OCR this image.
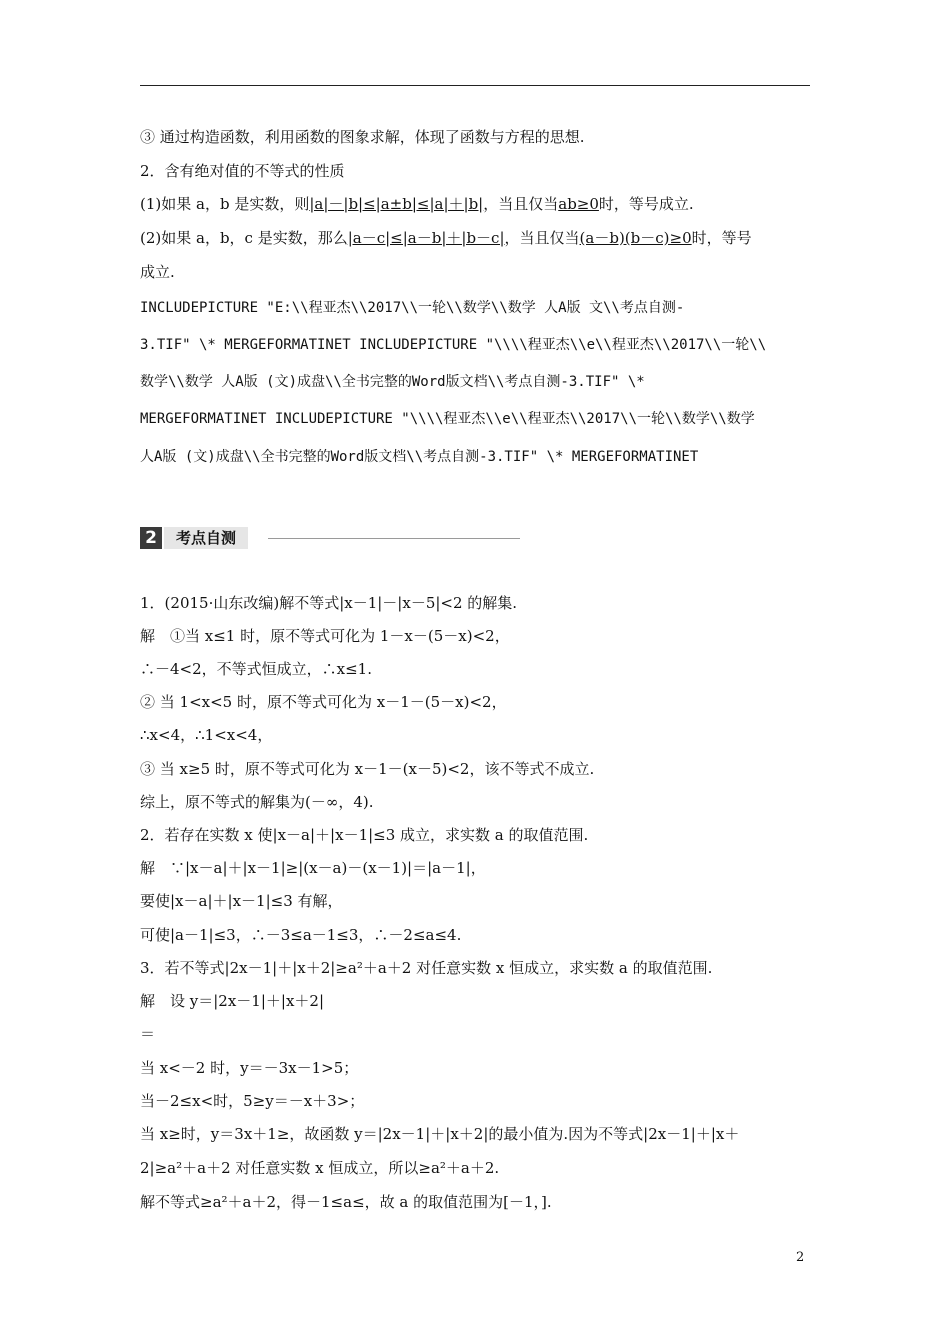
③ 通过构造函数，利用函数的图象求解，体现了函数与方程的思想.
2．含有绝对值的不等式的性质
(1)如果 a，b 是实数，则|a|－|b|≤|a±b|≤|a|＋|b|，当且仅当ab≥0时，等号成立.
(2)如果 a，b，c 是实数，那么|a－c|≤|a－b|＋|b－c|，当且仅当(a－b)(b－c)≥0时，等号
成立.
INCLUDEPICTURE "E:\\程亚杰\\2017\\一轮\\数学\\数学 人A版 文\\考点自测-
3.TIF" \* MERGEFORMATINET INCLUDEPICTURE "\\\\程亚杰\\e\\程亚杰\\2017\\一轮\\
数学\\数学 人A版 (文)成盘\\全书完整的Word版文档\\考点自测-3.TIF" \*
MERGEFORMATINET INCLUDEPICTURE "\\\\程亚杰\\e\\程亚杰\\2017\\一轮\\数学\\数学
人A版 (文)成盘\\全书完整的Word版文档\\考点自测-3.TIF" \* MERGEFORMATINET
2	考点自测
1．(2015·山东改编)解不等式|x－1|－|x－5|<2 的解集.
解　①当 x≤1 时，原不等式可化为 1－x－(5－x)<2，
∴－4<2，不等式恒成立，∴x≤1.
② 当 1<x<5 时，原不等式可化为 x－1－(5－x)<2，
∴x<4，∴1<x<4，
③ 当 x≥5 时，原不等式可化为 x－1－(x－5)<2，该不等式不成立.
综上，原不等式的解集为(－∞，4).
2．若存在实数 x 使|x－a|＋|x－1|≤3 成立，求实数 a 的取值范围.
解　∵|x－a|＋|x－1|≥|(x－a)－(x－1)|＝|a－1|，
要使|x－a|＋|x－1|≤3 有解，
可使|a－1|≤3，∴－3≤a－1≤3，∴－2≤a≤4.
3．若不等式|2x－1|＋|x＋2|≥a²＋a＋2 对任意实数 x 恒成立，求实数 a 的取值范围.
解　设 y＝|2x－1|＋|x＋2|
＝
当 x<－2 时，y＝－3x－1>5；
当－2≤x<时，5≥y＝－x＋3>；
当 x≥时，y＝3x＋1≥，故函数 y＝|2x－1|＋|x＋2|的最小值为.因为不等式|2x－1|＋|x＋
2|≥a²＋a＋2 对任意实数 x 恒成立，所以≥a²＋a＋2.
解不等式≥a²＋a＋2，得－1≤a≤，故 a 的取值范围为[－1，].
2
